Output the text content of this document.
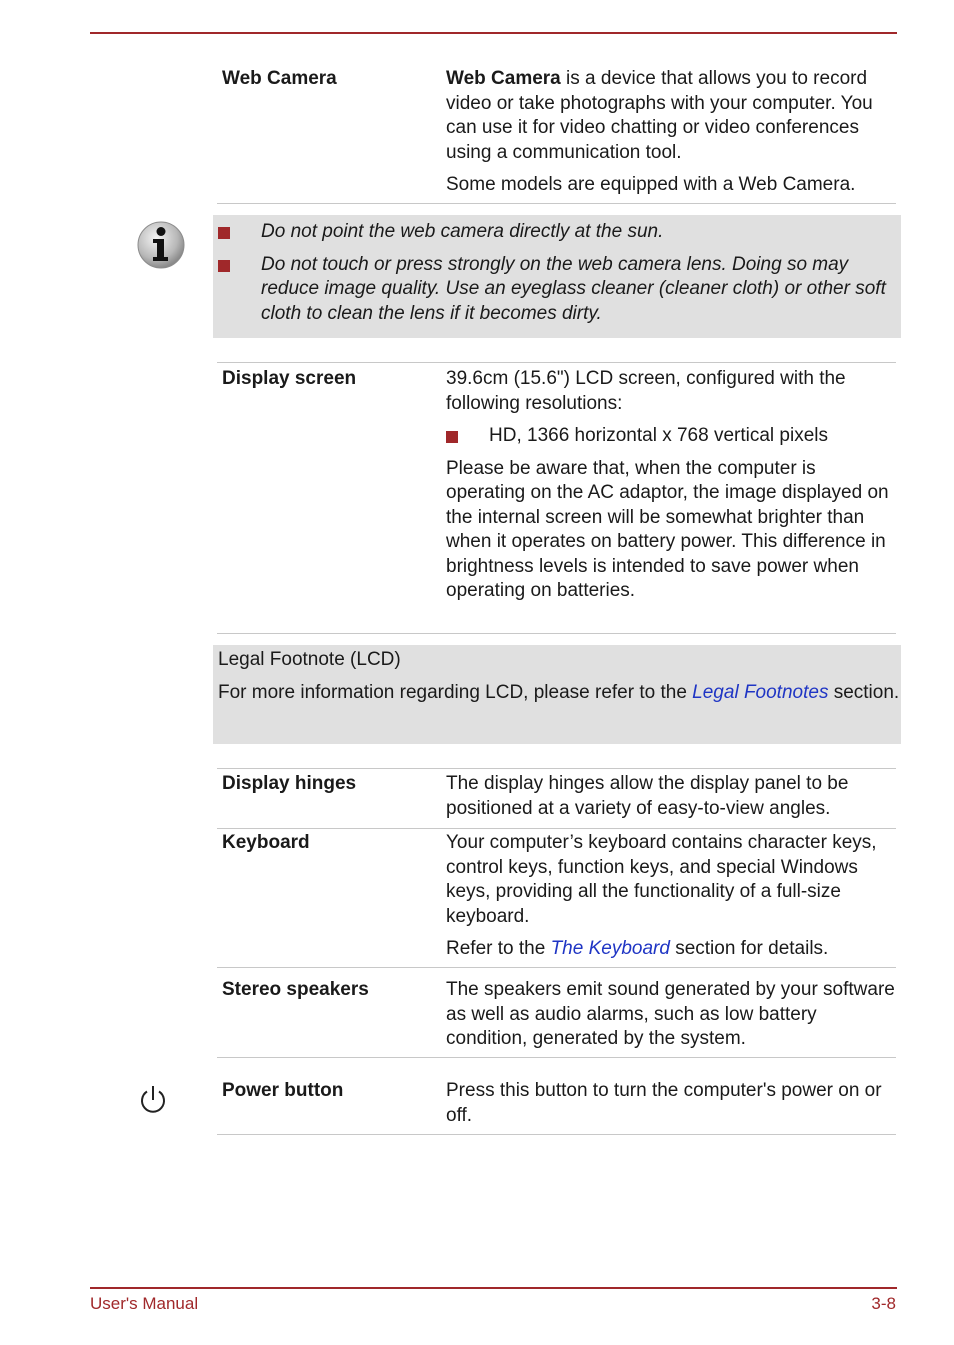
Web Camera	Web Camera is a device that allows you to record video or take photographs with your computer. You can use it for video chatting or video conferences using a communication tool.

Some models are equipped with a Web Camera.

Do not point the web camera directly at the sun.
Do not touch or press strongly on the web camera lens. Doing so may reduce image quality. Use an eyeglass cleaner (cleaner cloth) or other soft cloth to clean the lens if it becomes dirty.
Display screen	39.6cm (15.6") LCD screen, configured with the following resolutions:

HD, 1366 horizontal x 768 vertical pixels

Please be aware that, when the computer is operating on the AC adaptor, the image displayed on the internal screen will be somewhat brighter than when it operates on battery power. This difference in brightness levels is intended to save power when operating on batteries.

Legal Footnote (LCD)
For more information regarding LCD, please refer to the Legal Footnotes section.
Display hinges	The display hinges allow the display panel to be positioned at a variety of easy-to-view angles.
Keyboard	Your computer’s keyboard contains character keys, control keys, function keys, and special Windows keys, providing all the functionality of a full-size keyboard.

Refer to the The Keyboard section for details.

Stereo speakers	The speakers emit sound generated by your software as well as audio alarms, such as low battery condition, generated by the system.
Power button	Press this button to turn the computer's power on or off.
User's Manual	3-8
